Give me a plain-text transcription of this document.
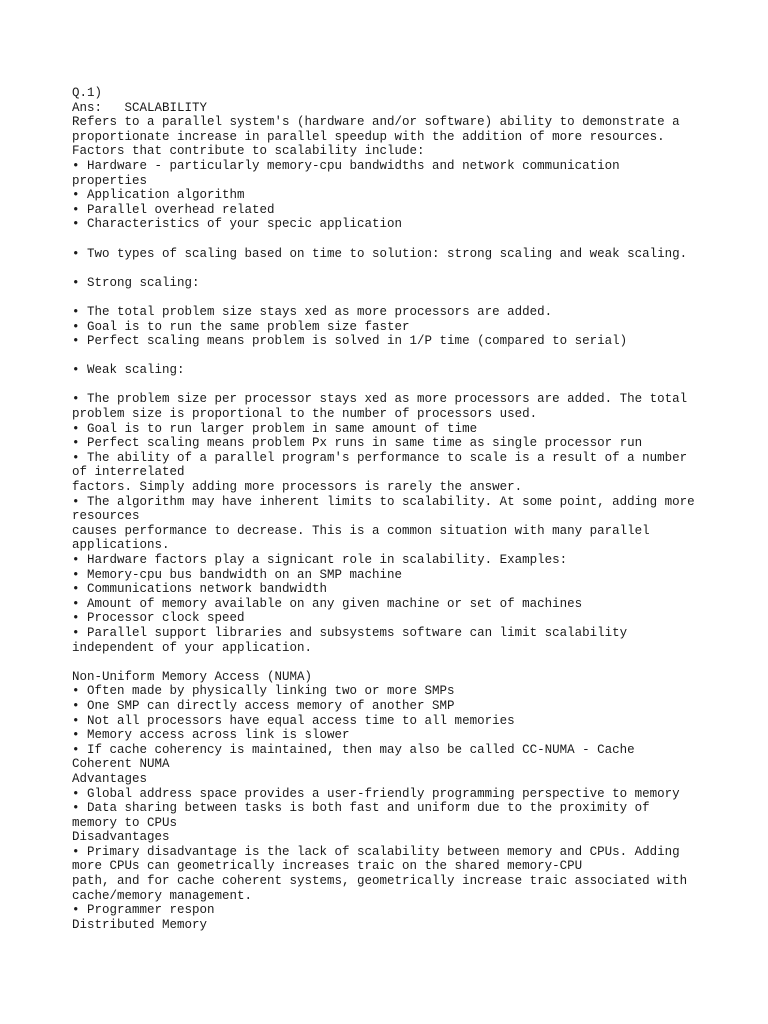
Q.1)
Ans:   SCALABILITY
Refers to a parallel system's (hardware and/or software) ability to demonstrate a
proportionate increase in parallel speedup with the addition of more resources.
Factors that contribute to scalability include:
• Hardware - particularly memory-cpu bandwidths and network communication
properties
• Application algorithm
• Parallel overhead related
• Characteristics of your specic application
• Two types of scaling based on time to solution: strong scaling and weak scaling.
• Strong scaling:
• The total problem size stays xed as more processors are added.
• Goal is to run the same problem size faster
• Perfect scaling means problem is solved in 1/P time (compared to serial)
• Weak scaling:
• The problem size per processor stays xed as more processors are added. The total
problem size is proportional to the number of processors used.
• Goal is to run larger problem in same amount of time
• Perfect scaling means problem Px runs in same time as single processor run
• The ability of a parallel program's performance to scale is a result of a number
of interrelated
factors. Simply adding more processors is rarely the answer.
• The algorithm may have inherent limits to scalability. At some point, adding more
resources
causes performance to decrease. This is a common situation with many parallel
applications.
• Hardware factors play a signicant role in scalability. Examples:
• Memory-cpu bus bandwidth on an SMP machine
• Communications network bandwidth
• Amount of memory available on any given machine or set of machines
• Processor clock speed
• Parallel support libraries and subsystems software can limit scalability
independent of your application.
Non-Uniform Memory Access (NUMA)
• Often made by physically linking two or more SMPs
• One SMP can directly access memory of another SMP
• Not all processors have equal access time to all memories
• Memory access across link is slower
• If cache coherency is maintained, then may also be called CC-NUMA - Cache
Coherent NUMA
Advantages
• Global address space provides a user-friendly programming perspective to memory
• Data sharing between tasks is both fast and uniform due to the proximity of
memory to CPUs
Disadvantages
• Primary disadvantage is the lack of scalability between memory and CPUs. Adding
more CPUs can geometrically increases traic on the shared memory-CPU
path, and for cache coherent systems, geometrically increase traic associated with
cache/memory management.
• Programmer respon
Distributed Memory
